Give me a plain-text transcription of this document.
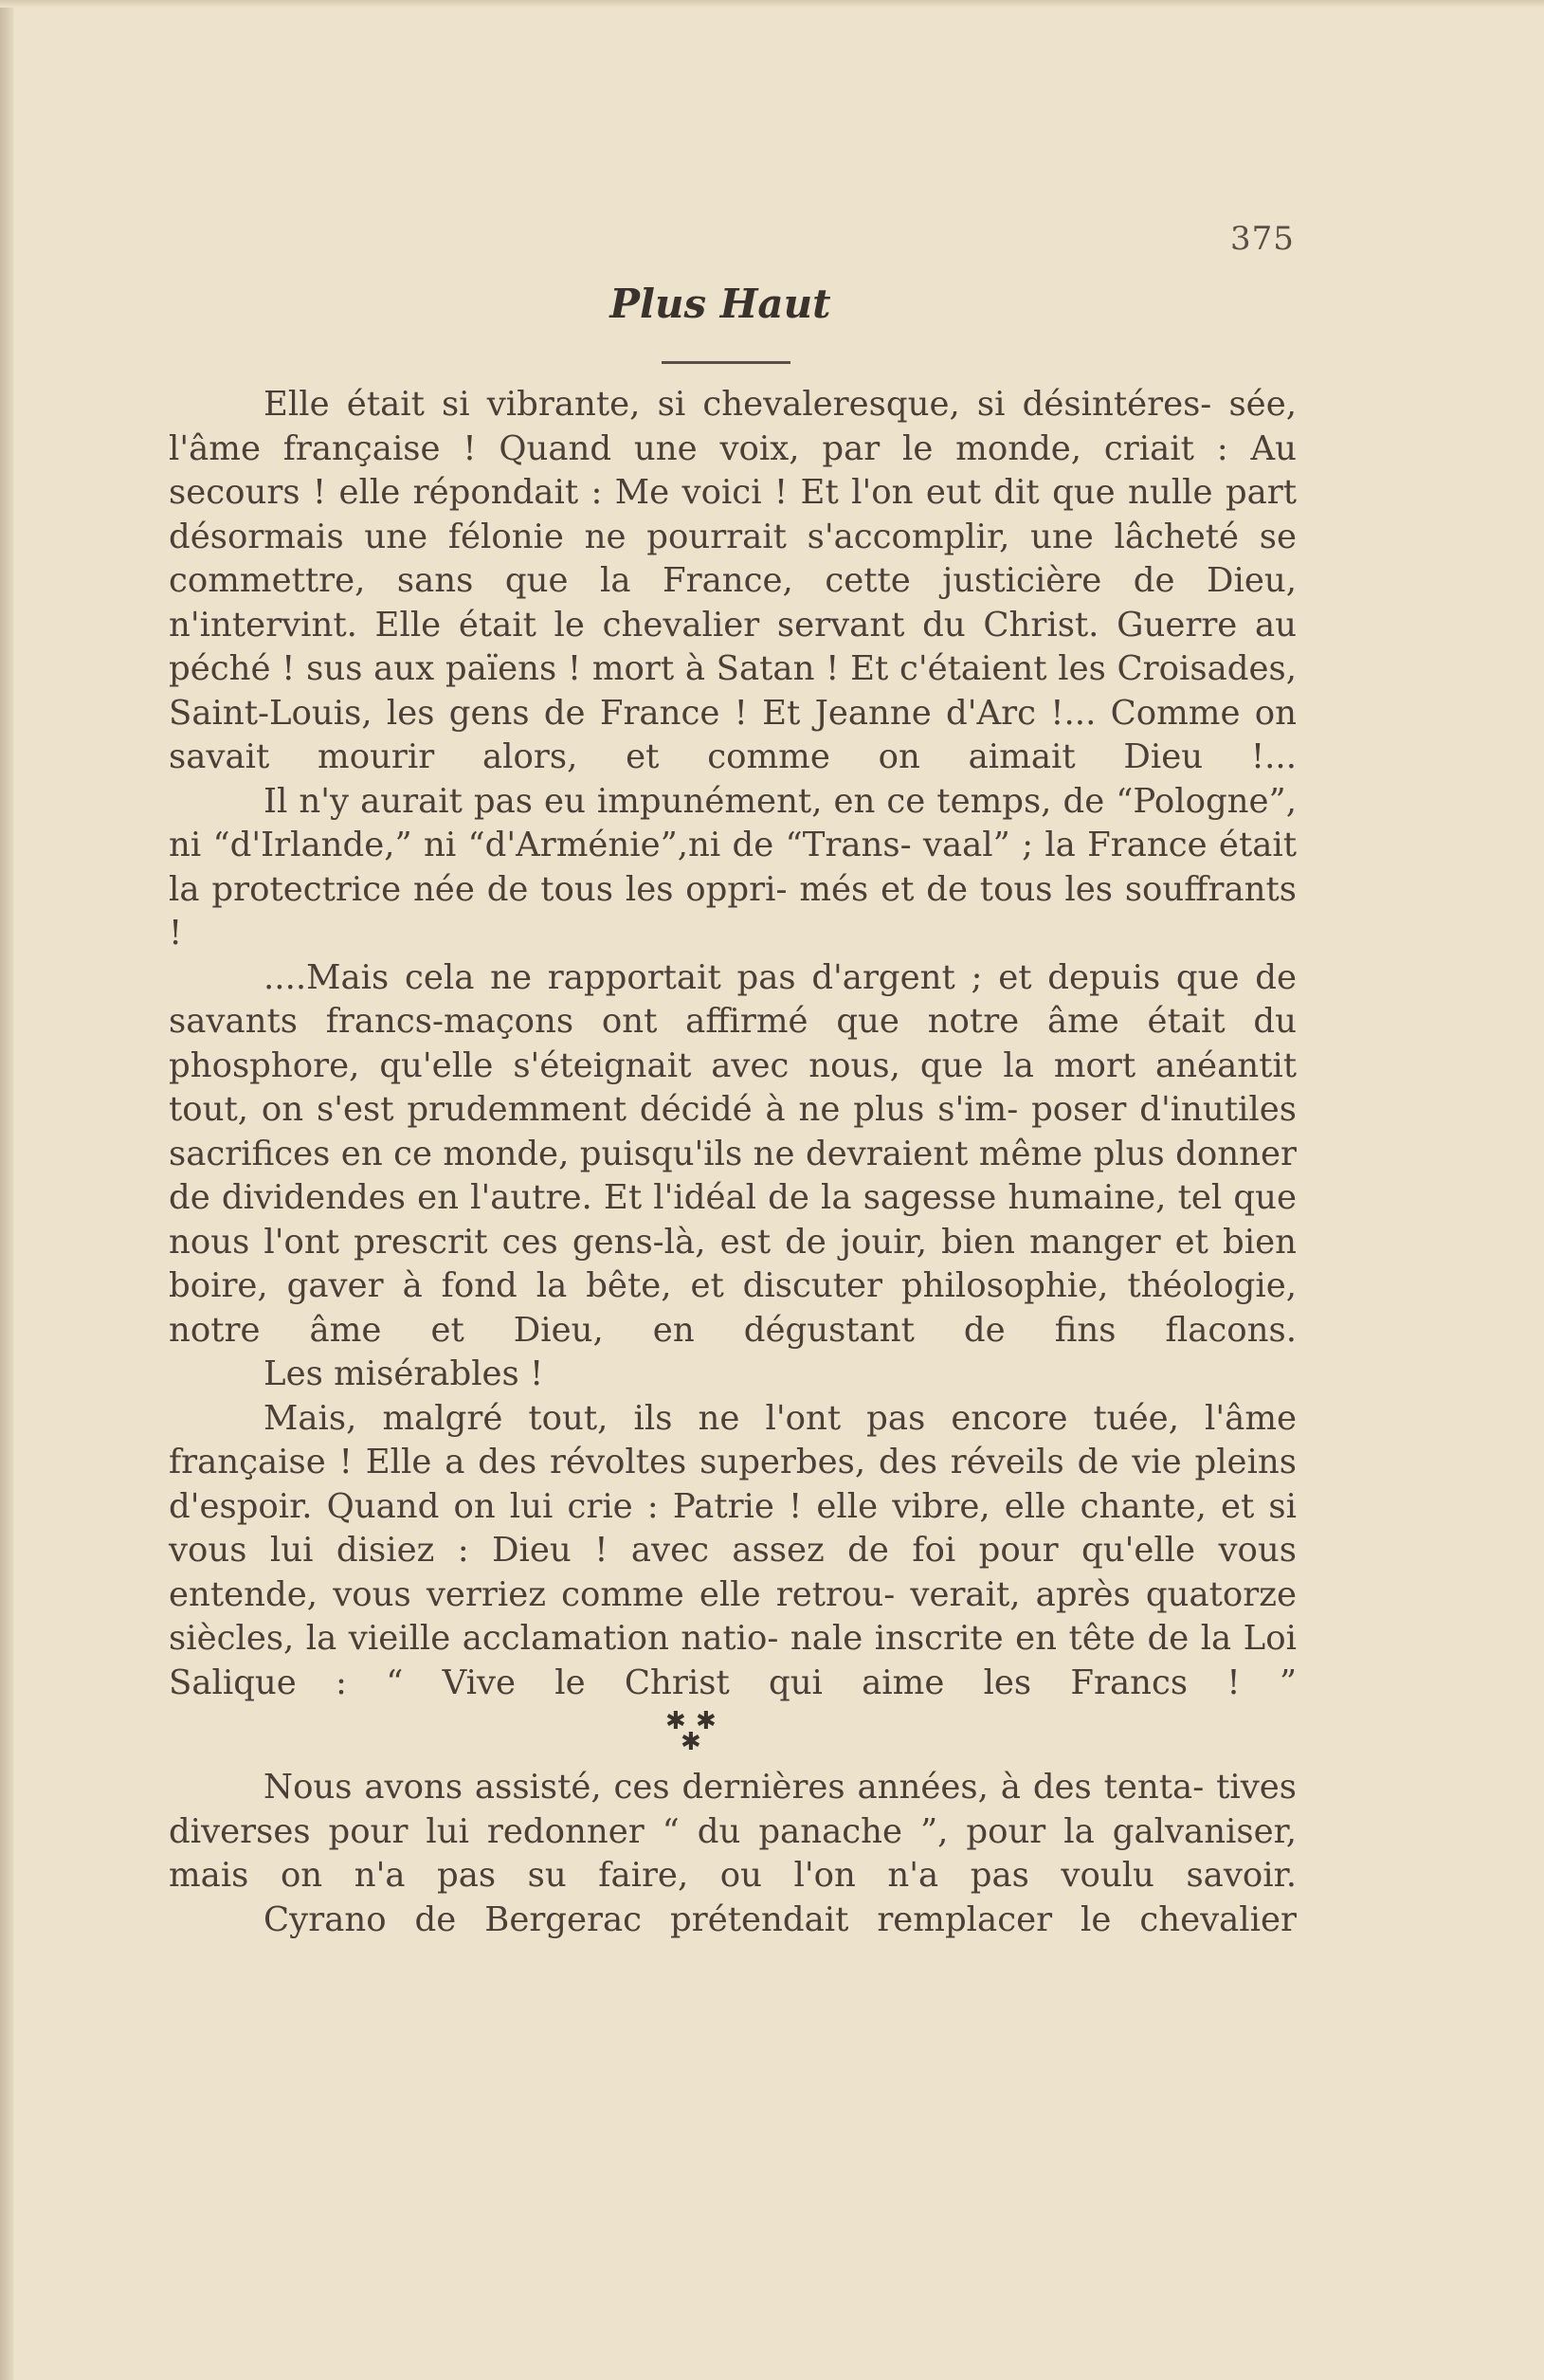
375
Plus Haut

Elle était si vibrante, si chevaleresque, si désintéres- sée, l'âme française ! Quand une voix, par le monde, criait : Au secours ! elle répondait : Me voici ! Et l'on eut dit que nulle part désormais une félonie ne pourrait s'accomplir, une lâcheté se commettre, sans que la France, cette justicière de Dieu, n'intervint. Elle était le chevalier servant du Christ. Guerre au péché ! sus aux païens ! mort à Satan ! Et c'étaient les Croisades, Saint-Louis, les gens de France ! Et Jeanne d'Arc !... Comme on savait mourir alors, et comme on aimait Dieu !...

Il n'y aurait pas eu impunément, en ce temps, de “Pologne”, ni “d'Irlande,” ni “d'Arménie”,ni de “Trans- vaal” ; la France était la protectrice née de tous les oppri- més et de tous les souffrants !

....Mais cela ne rapportait pas d'argent ; et depuis que de savants francs-maçons ont affirmé que notre âme était du phosphore, qu'elle s'éteignait avec nous, que la mort anéantit tout, on s'est prudemment décidé à ne plus s'im- poser d'inutiles sacrifices en ce monde, puisqu'ils ne devraient même plus donner de dividendes en l'autre. Et l'idéal de la sagesse humaine, tel que nous l'ont prescrit ces gens-là, est de jouir, bien manger et bien boire, gaver à fond la bête, et discuter philosophie, théologie, notre âme et Dieu, en dégustant de fins flacons.

Les misérables !

Mais, malgré tout, ils ne l'ont pas encore tuée, l'âme française ! Elle a des révoltes superbes, des réveils de vie pleins d'espoir. Quand on lui crie : Patrie ! elle vibre, elle chante, et si vous lui disiez : Dieu ! avec assez de foi pour qu'elle vous entende, vous verriez comme elle retrou- verait, après quatorze siècles, la vieille acclamation natio- nale inscrite en tête de la Loi Salique : “ Vive le Christ qui aime les Francs ! ”

✱ ✱
✱

Nous avons assisté, ces dernières années, à des tenta- tives diverses pour lui redonner “ du panache ”, pour la galvaniser, mais on n'a pas su faire, ou l'on n'a pas voulu savoir.

Cyrano de Bergerac prétendait remplacer le chevalier
